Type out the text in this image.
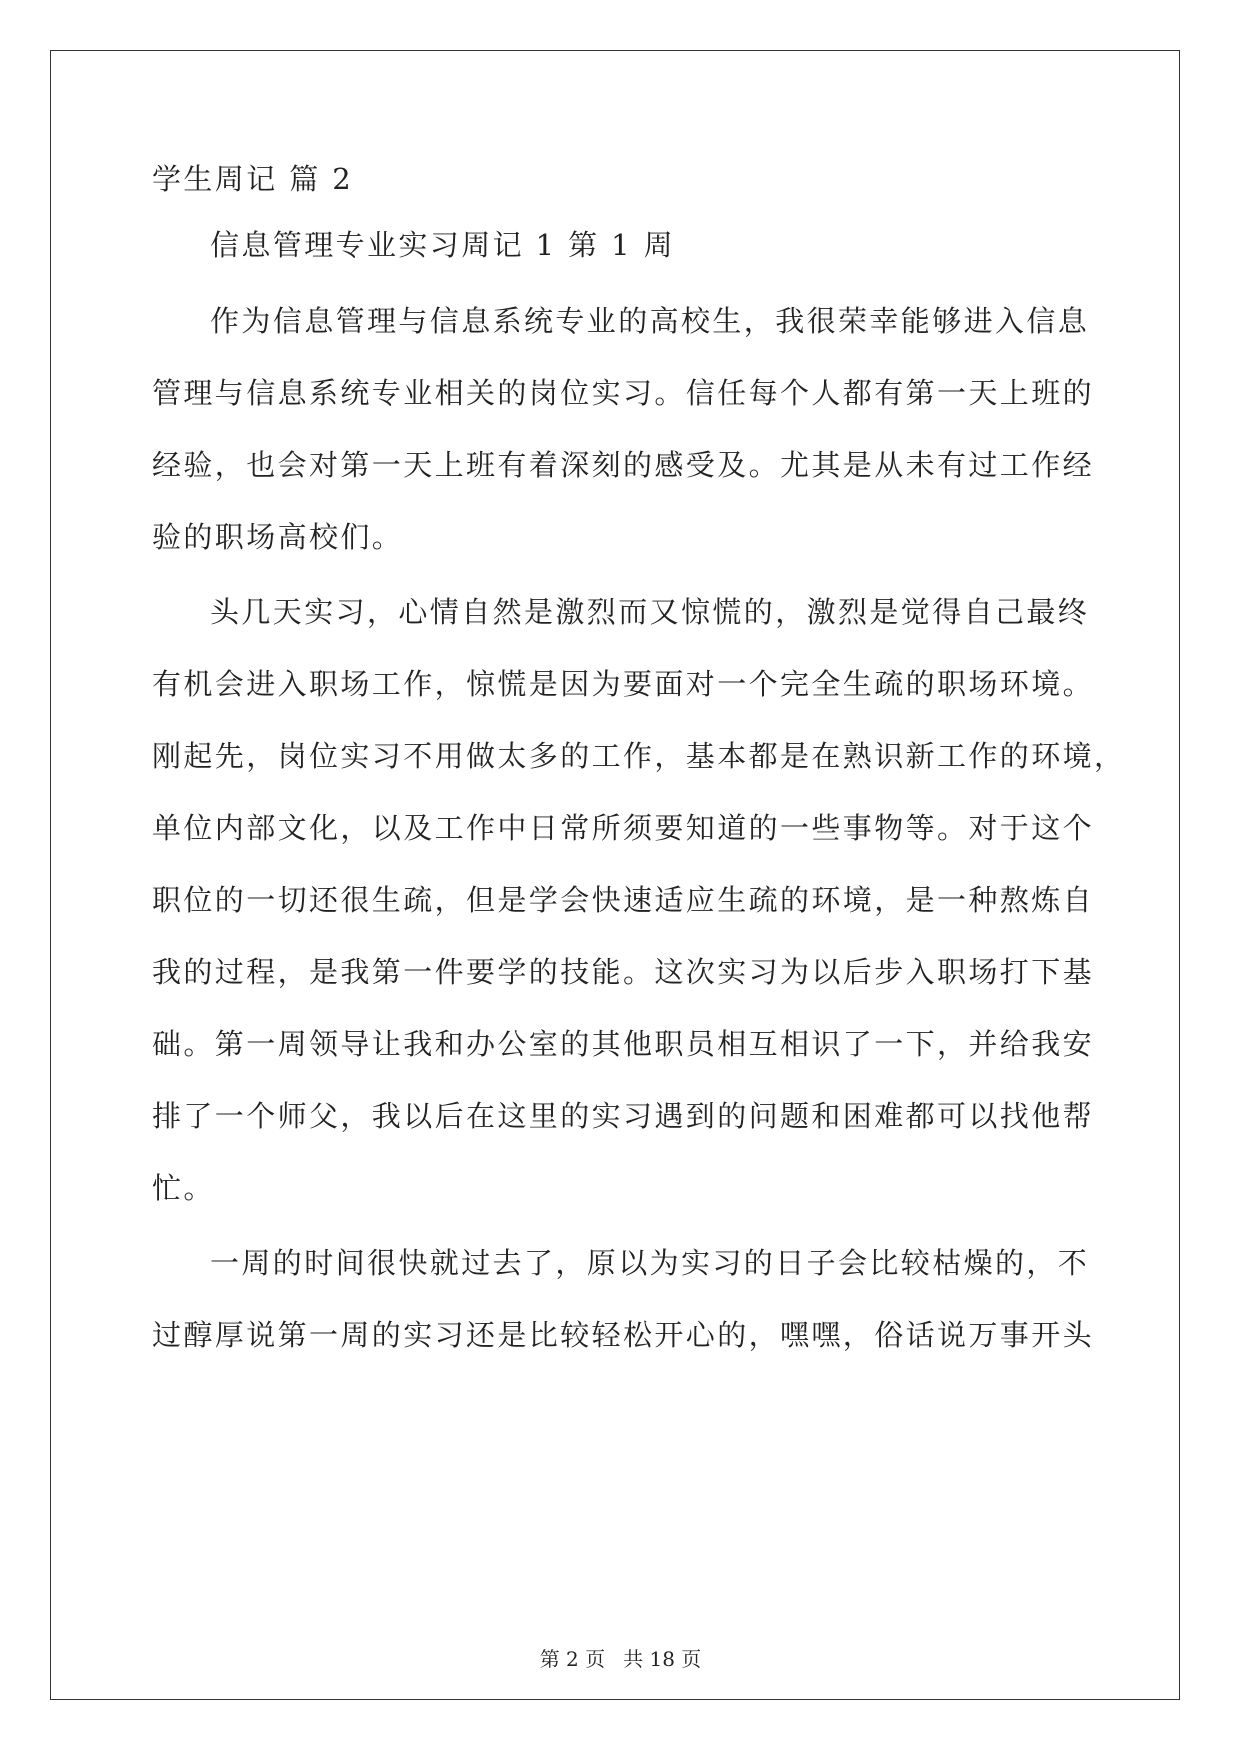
学生周记 篇 2

信息管理专业实习周记 1 第 1 周

作为信息管理与信息系统专业的高校生，我很荣幸能够进入信息

管理与信息系统专业相关的岗位实习。信任每个人都有第一天上班的

经验，也会对第一天上班有着深刻的感受及。尤其是从未有过工作经

验的职场高校们。

头几天实习，心情自然是激烈而又惊慌的，激烈是觉得自己最终

有机会进入职场工作，惊慌是因为要面对一个完全生疏的职场环境。

刚起先，岗位实习不用做太多的工作，基本都是在熟识新工作的环境，

单位内部文化，以及工作中日常所须要知道的一些事物等。对于这个

职位的一切还很生疏，但是学会快速适应生疏的环境，是一种熬炼自

我的过程，是我第一件要学的技能。这次实习为以后步入职场打下基

础。第一周领导让我和办公室的其他职员相互相识了一下，并给我安

排了一个师父，我以后在这里的实习遇到的问题和困难都可以找他帮

忙。

一周的时间很快就过去了，原以为实习的日子会比较枯燥的，不

过醇厚说第一周的实习还是比较轻松开心的，嘿嘿，俗话说万事开头

第 2 页 共 18 页
